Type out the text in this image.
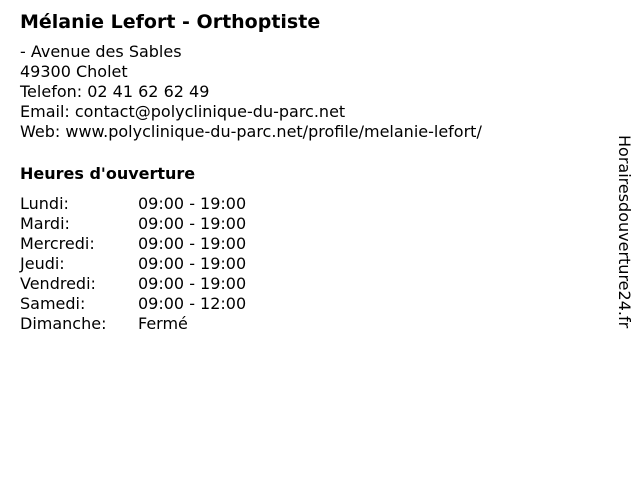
Mélanie Lefort - Orthoptiste
- Avenue des Sables
49300 Cholet
Telefon: 02 41 62 62 49
Email: contact@polyclinique-du-parc.net
Web: www.polyclinique-du-parc.net/profile/melanie-lefort/
Heures d'ouverture
Lundi:	09:00 - 19:00
Mardi:	09:00 - 19:00
Mercredi:	09:00 - 19:00
Jeudi:	09:00 - 19:00
Vendredi:	09:00 - 19:00
Samedi:	09:00 - 12:00
Dimanche:	Fermé	Horairesdouverture24.fr
